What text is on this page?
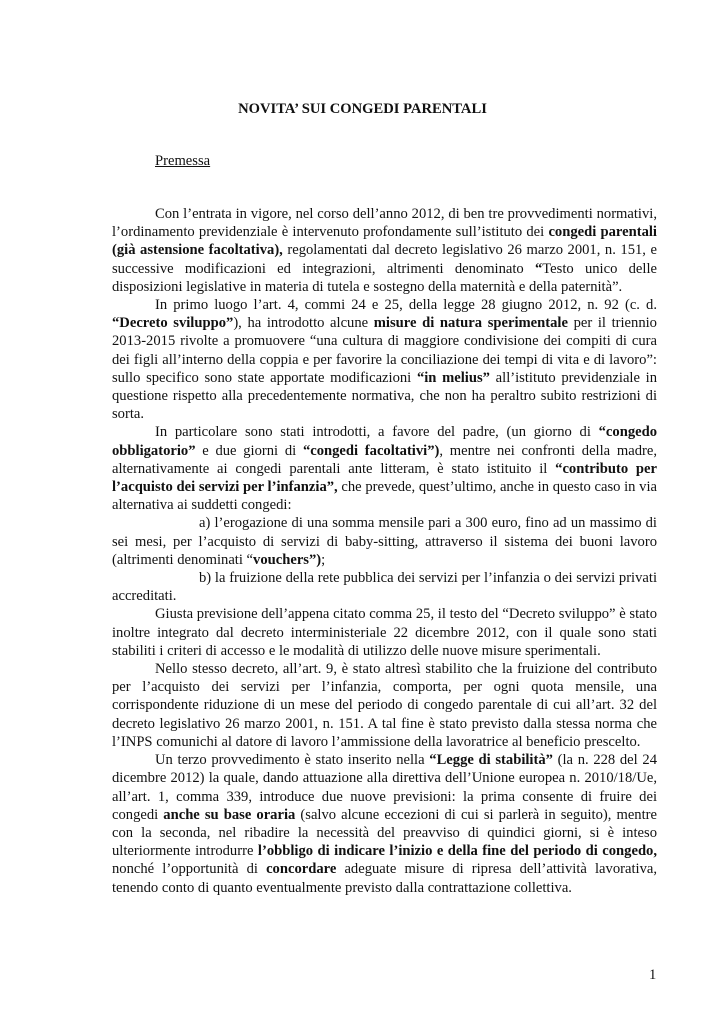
NOVITA’ SUI CONGEDI PARENTALI
Premessa

Con l’entrata in vigore, nel corso dell’anno 2012, di ben tre provvedimenti normativi, l’ordinamento previdenziale è intervenuto profondamente sull’istituto dei congedi parentali (già astensione facoltativa), regolamentati dal decreto legislativo 26 marzo 2001, n. 151, e successive modificazioni ed integrazioni, altrimenti denominato “Testo unico delle disposizioni legislative in materia di tutela e sostegno della maternità e della paternità”.

In primo luogo l’art. 4, commi 24 e 25, della legge 28 giugno 2012, n. 92 (c. d. “Decreto sviluppo”), ha introdotto alcune misure di natura sperimentale per il triennio 2013-2015 rivolte a promuovere “una cultura di maggiore condivisione dei compiti di cura dei figli all’interno della coppia e per favorire la conciliazione dei tempi di vita e di lavoro”: sullo specifico sono state apportate modificazioni “in melius” all’istituto previdenziale in questione rispetto alla precedentemente normativa, che non ha peraltro subito restrizioni di sorta.

In particolare sono stati introdotti, a favore del padre, (un giorno di “congedo obbligatorio” e due giorni di “congedi facoltativi”), mentre nei confronti della madre, alternativamente ai congedi parentali ante litteram, è stato istituito il “contributo per l’acquisto dei servizi per l’infanzia”, che prevede, quest’ultimo, anche in questo caso in via alternativa ai suddetti congedi:

a) l’erogazione di una somma mensile pari a 300 euro, fino ad un massimo di sei mesi, per l’acquisto di servizi di baby-sitting, attraverso il sistema dei buoni lavoro (altrimenti denominati “vouchers”);

b) la fruizione della rete pubblica dei servizi per l’infanzia o dei servizi privati accreditati.

Giusta previsione dell’appena citato comma 25, il testo del “Decreto sviluppo” è stato inoltre integrato dal decreto interministeriale 22 dicembre 2012, con il quale sono stati stabiliti i criteri di accesso e le modalità di utilizzo delle nuove misure sperimentali.

Nello stesso decreto, all’art. 9, è stato altresì stabilito che la fruizione del contributo per l’acquisto dei servizi per l’infanzia, comporta, per ogni quota mensile, una corrispondente riduzione di un mese del periodo di congedo parentale di cui all’art. 32 del decreto legislativo 26 marzo 2001, n. 151. A tal fine è stato previsto dalla stessa norma che l’INPS comunichi al datore di lavoro l’ammissione della lavoratrice al beneficio prescelto.

Un terzo provvedimento è stato inserito nella “Legge di stabilità” (la n. 228 del 24 dicembre 2012) la quale, dando attuazione alla direttiva dell’Unione europea n. 2010/18/Ue, all’art. 1, comma 339, introduce due nuove previsioni: la prima consente di fruire dei congedi anche su base oraria (salvo alcune eccezioni di cui si parlerà in seguito), mentre con la seconda, nel ribadire la necessità del preavviso di quindici giorni, si è inteso ulteriormente introdurre l’obbligo di indicare l’inizio e della fine del periodo di congedo, nonché l’opportunità di concordare adeguate misure di ripresa dell’attività lavorativa, tenendo conto di quanto eventualmente previsto dalla contrattazione collettiva.

1
